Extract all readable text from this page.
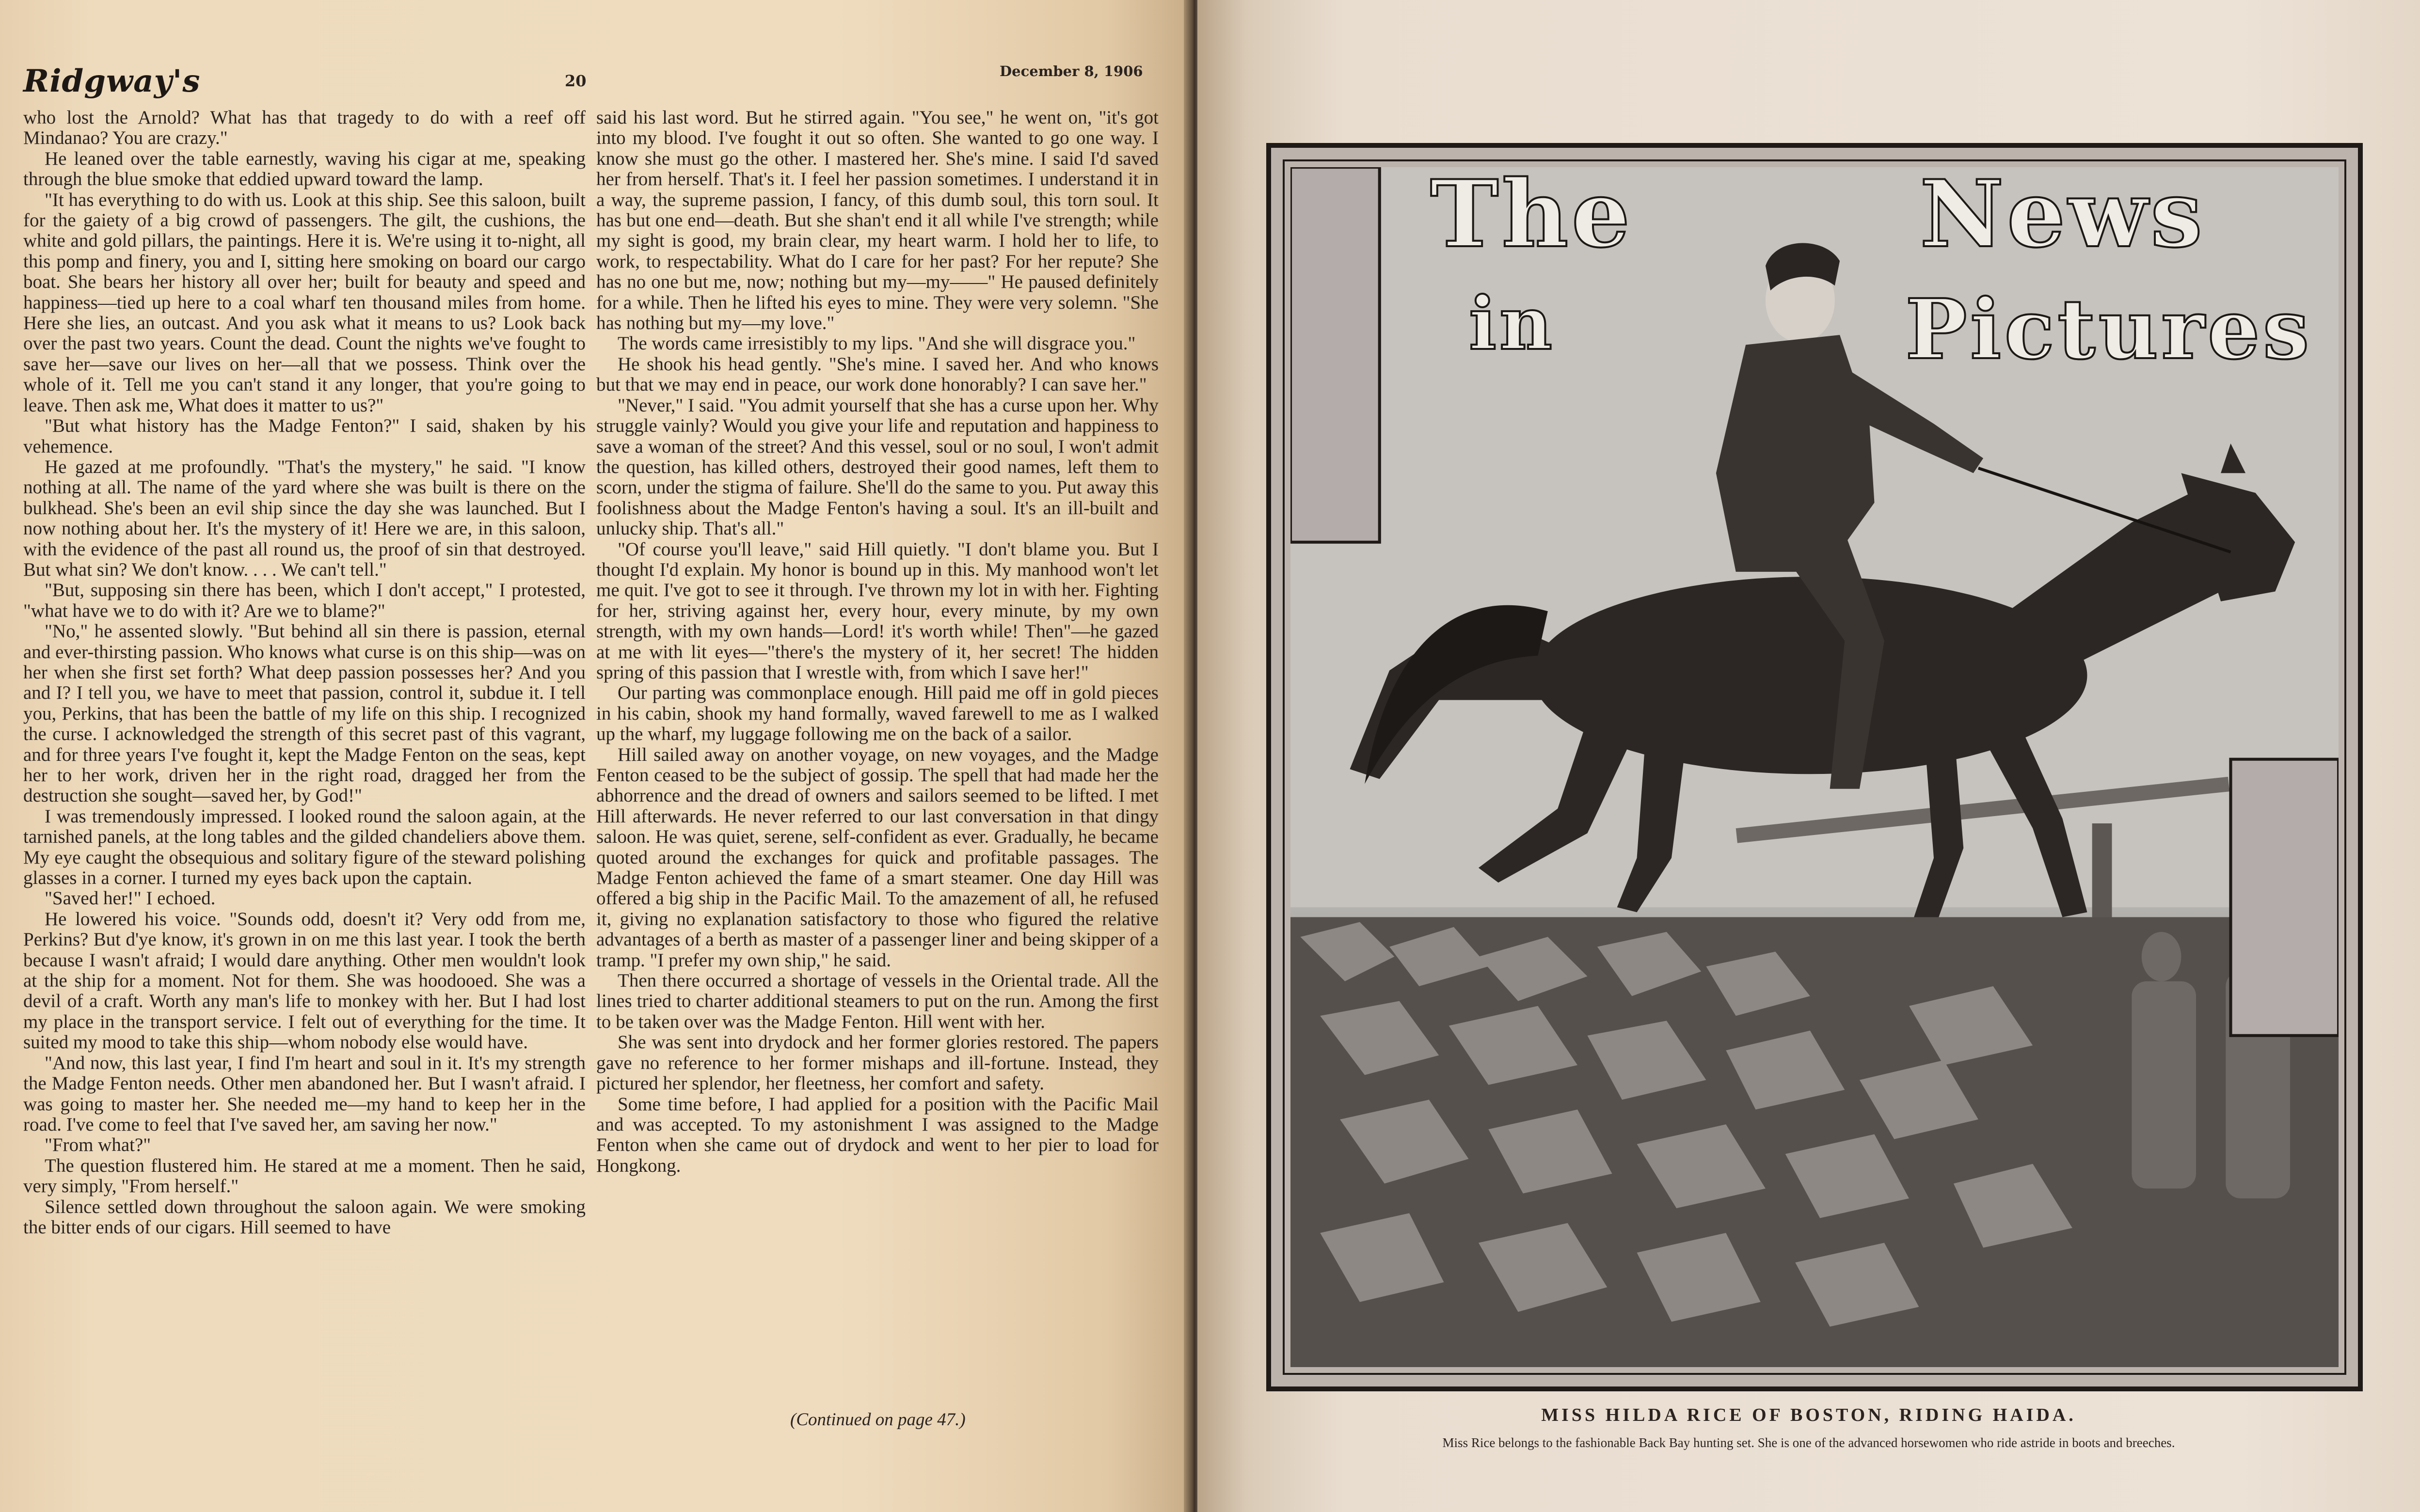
Ridgway's	20
December 8, 1906

who lost the Arnold? What has that tragedy to do with a reef off Mindanao? You are crazy."

He leaned over the table earnestly, waving his cigar at me, speaking through the blue smoke that eddied upward toward the lamp.

"It has everything to do with us. Look at this ship. See this saloon, built for the gaiety of a big crowd of passengers. The gilt, the cushions, the white and gold pillars, the paintings. Here it is. We're using it to-night, all this pomp and finery, you and I, sitting here smoking on board our cargo boat. She bears her history all over her; built for beauty and speed and happiness—tied up here to a coal wharf ten thousand miles from home. Here she lies, an outcast. And you ask what it means to us? Look back over the past two years. Count the dead. Count the nights we've fought to save her—save our lives on her—all that we possess. Think over the whole of it. Tell me you can't stand it any longer, that you're going to leave. Then ask me, What does it matter to us?"

"But what history has the Madge Fenton?" I said, shaken by his vehemence.

He gazed at me profoundly. "That's the mystery," he said. "I know nothing at all. The name of the yard where she was built is there on the bulkhead. She's been an evil ship since the day she was launched. But I now nothing about her. It's the mystery of it! Here we are, in this saloon, with the evidence of the past all round us, the proof of sin that destroyed. But what sin? We don't know. . . . We can't tell."

"But, supposing sin there has been, which I don't accept," I protested, "what have we to do with it? Are we to blame?"

"No," he assented slowly. "But behind all sin there is passion, eternal and ever-thirsting passion. Who knows what curse is on this ship—was on her when she first set forth? What deep passion possesses her? And you and I? I tell you, we have to meet that passion, control it, subdue it. I tell you, Perkins, that has been the battle of my life on this ship. I recognized the curse. I acknowledged the strength of this secret past of this vagrant, and for three years I've fought it, kept the Madge Fenton on the seas, kept her to her work, driven her in the right road, dragged her from the destruction she sought—saved her, by God!"

I was tremendously impressed. I looked round the saloon again, at the tarnished panels, at the long tables and the gilded chandeliers above them. My eye caught the obsequious and solitary figure of the steward polishing glasses in a corner. I turned my eyes back upon the captain.

"Saved her!" I echoed.

He lowered his voice. "Sounds odd, doesn't it? Very odd from me, Perkins? But d'ye know, it's grown in on me this last year. I took the berth because I wasn't afraid; I would dare anything. Other men wouldn't look at the ship for a moment. Not for them. She was hoodooed. She was a devil of a craft. Worth any man's life to monkey with her. But I had lost my place in the transport service. I felt out of everything for the time. It suited my mood to take this ship—whom nobody else would have.

"And now, this last year, I find I'm heart and soul in it. It's my strength the Madge Fenton needs. Other men abandoned her. But I wasn't afraid. I was going to master her. She needed me—my hand to keep her in the road. I've come to feel that I've saved her, am saving her now."

"From what?"

The question flustered him. He stared at me a moment. Then he said, very simply, "From herself."

Silence settled down throughout the saloon again. We were smoking the bitter ends of our cigars. Hill seemed to have

said his last word. But he stirred again. "You see," he went on, "it's got into my blood. I've fought it out so often. She wanted to go one way. I know she must go the other. I mastered her. She's mine. I said I'd saved her from herself. That's it. I feel her passion sometimes. I understand it in a way, the supreme passion, I fancy, of this dumb soul, this torn soul. It has but one end—death. But she shan't end it all while I've strength; while my sight is good, my brain clear, my heart warm. I hold her to life, to work, to respectability. What do I care for her past? For her repute? She has no one but me, now; nothing but my—my——" He paused definitely for a while. Then he lifted his eyes to mine. They were very solemn. "She has nothing but my—my love."

The words came irresistibly to my lips. "And she will disgrace you."

He shook his head gently. "She's mine. I saved her. And who knows but that we may end in peace, our work done honorably? I can save her."

"Never," I said. "You admit yourself that she has a curse upon her. Why struggle vainly? Would you give your life and reputation and happiness to save a woman of the street? And this vessel, soul or no soul, I won't admit the question, has killed others, destroyed their good names, left them to scorn, under the stigma of failure. She'll do the same to you. Put away this foolishness about the Madge Fenton's having a soul. It's an ill-built and unlucky ship. That's all."

"Of course you'll leave," said Hill quietly. "I don't blame you. But I thought I'd explain. My honor is bound up in this. My manhood won't let me quit. I've got to see it through. I've thrown my lot in with her. Fighting for her, striving against her, every hour, every minute, by my own strength, with my own hands—Lord! it's worth while! Then"—he gazed at me with lit eyes—"there's the mystery of it, her secret! The hidden spring of this passion that I wrestle with, from which I save her!"

Our parting was commonplace enough. Hill paid me off in gold pieces in his cabin, shook my hand formally, waved farewell to me as I walked up the wharf, my luggage following me on the back of a sailor.

Hill sailed away on another voyage, on new voyages, and the Madge Fenton ceased to be the subject of gossip. The spell that had made her the abhorrence and the dread of owners and sailors seemed to be lifted. I met Hill afterwards. He never referred to our last conversation in that dingy saloon. He was quiet, serene, self-confident as ever. Gradually, he became quoted around the exchanges for quick and profitable passages. The Madge Fenton achieved the fame of a smart steamer. One day Hill was offered a big ship in the Pacific Mail. To the amazement of all, he refused it, giving no explanation satisfactory to those who figured the relative advantages of a berth as master of a passenger liner and being skipper of a tramp. "I prefer my own ship," he said.

Then there occurred a shortage of vessels in the Oriental trade. All the lines tried to charter additional steamers to put on the run. Among the first to be taken over was the Madge Fenton. Hill went with her.

She was sent into drydock and her former glories restored. The papers gave no reference to her former mishaps and ill-fortune. Instead, they pictured her splendor, her fleetness, her comfort and safety.

Some time before, I had applied for a position with the Pacific Mail and was accepted. To my astonishment I was assigned to the Madge Fenton when she came out of drydock and went to her pier to load for Hongkong.

(Continued on page 47.)
The
in
News
Pictures
MISS HILDA RICE OF BOSTON, RIDING HAIDA.
Miss Rice belongs to the fashionable Back Bay hunting set. She is one of the advanced horsewomen who ride astride in boots and breeches.
